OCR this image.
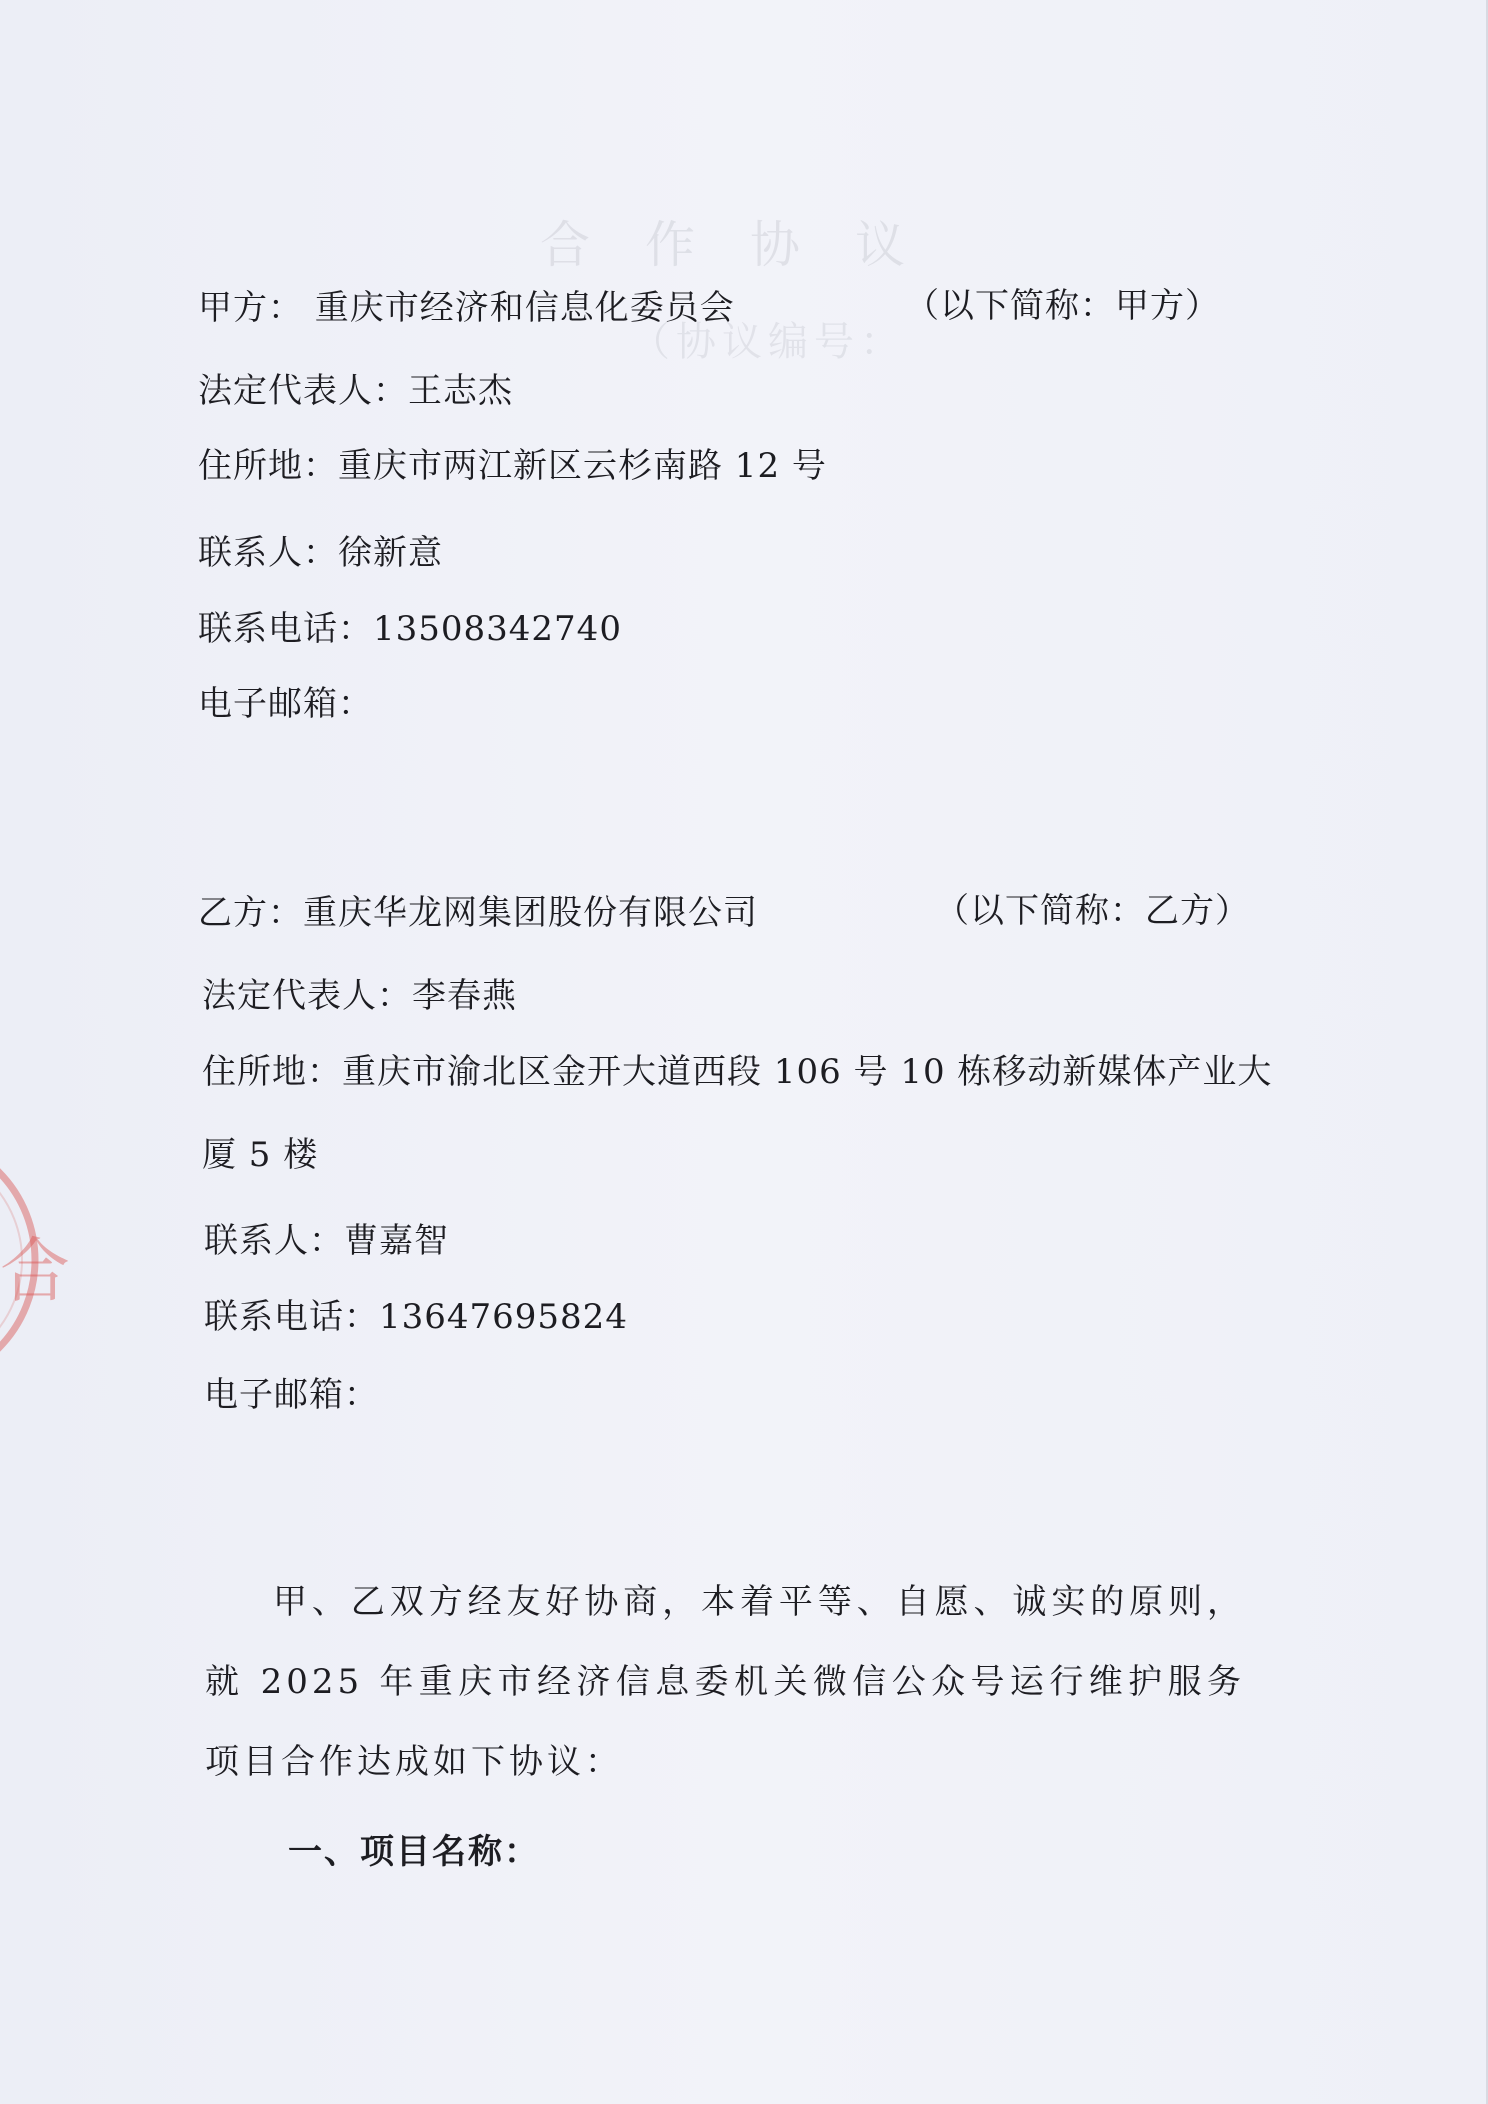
合作协议
（协议编号：
合
甲方： 重庆市经济和信息化委员会	（以下简称：甲方）
法定代表人：王志杰
住所地：重庆市两江新区云杉南路 12 号
联系人：徐新意
联系电话：13508342740
电子邮箱：
乙方：重庆华龙网集团股份有限公司	（以下简称：乙方）
法定代表人：李春燕
住所地：重庆市渝北区金开大道西段 106 号 10 栋移动新媒体产业大
厦 5 楼
联系人：曹嘉智
联系电话：13647695824
电子邮箱：
甲、乙双方经友好协商，本着平等、自愿、诚实的原则，就 2025 年重庆市经济信息委机关微信公众号运行维护服务项目合作达成如下协议：
一、项目名称：
